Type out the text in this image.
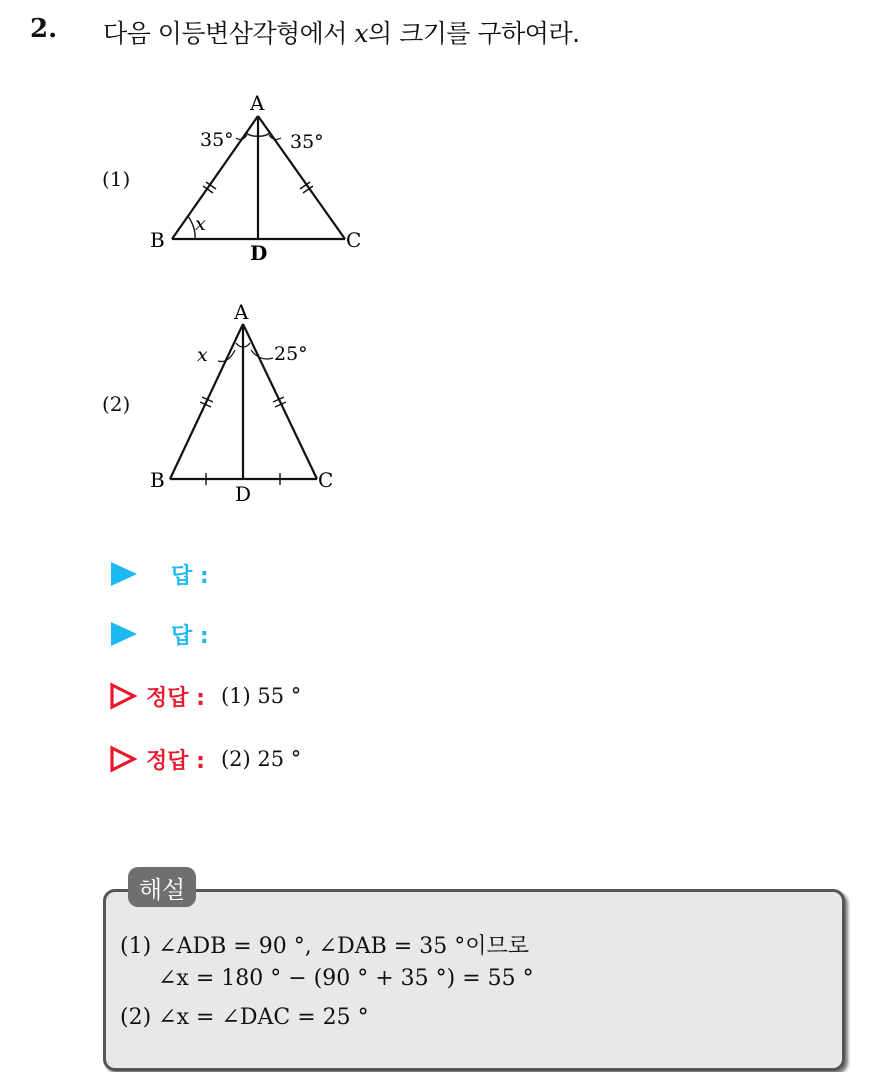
2. 다음 이등변삼각형에서 x의 크기를 구하여라.
(1)
A
B	C
D
35°	35°
x
(2)
A
B	C
D
x	25°
답 :
답 :
정답 : (1) 55 °
정답 : (2) 25 °
해설
(1) ∠ADB = 90 °, ∠DAB = 35 °이므로
∠x = 180 ° − (90 ° + 35 °) = 55 °
(2) ∠x = ∠DAC = 25 °
